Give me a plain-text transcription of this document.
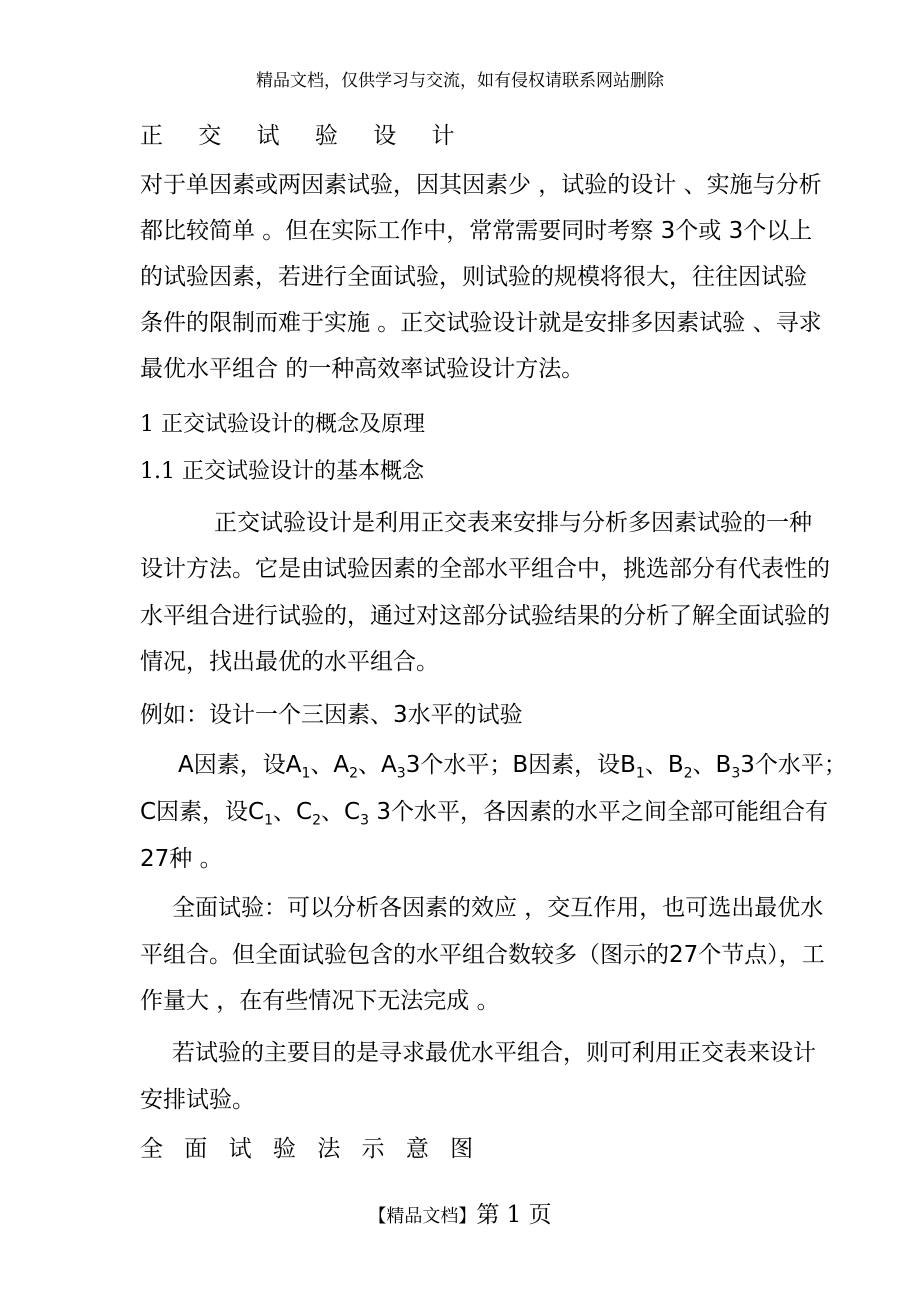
精品文档，仅供学习与交流，如有侵权请联系网站删除
正 交 试 验 设 计
对于单因素或两因素试验，因其因素少 ，试验的设计 、实施与分析
都比较简单 。但在实际工作中，常常需要同时考察 3个或 3个以上
的试验因素，若进行全面试验，则试验的规模将很大，往往因试验
条件的限制而难于实施 。正交试验设计就是安排多因素试验 、寻求
最优水平组合 的一种高效率试验设计方法。
1 正交试验设计的概念及原理
1.1 正交试验设计的基本概念
正交试验设计是利用正交表来安排与分析多因素试验的一种
设计方法。它是由试验因素的全部水平组合中，挑选部分有代表性的
水平组合进行试验的，通过对这部分试验结果的分析了解全面试验的
情况，找出最优的水平组合。
例如：设计一个三因素、3水平的试验
A因素，设$A_1$、$A_2$、$A_33$个水平；B因素，设$B_1$、$B_2$、$B_33$个水平；
C因素，设$C_1$、$C_2$、$C_3$ 3个水平，各因素的水平之间全部可能组合有
27种 。
全面试验：可以分析各因素的效应 ，交互作用，也可选出最优水
平组合。但全面试验包含的水平组合数较多（图示的27个节点），工
作量大 ，在有些情况下无法完成 。
若试验的主要目的是寻求最优水平组合，则可利用正交表来设计
安排试验。
全 面 试 验 法 示 意 图
【精品文档】第 1 页
